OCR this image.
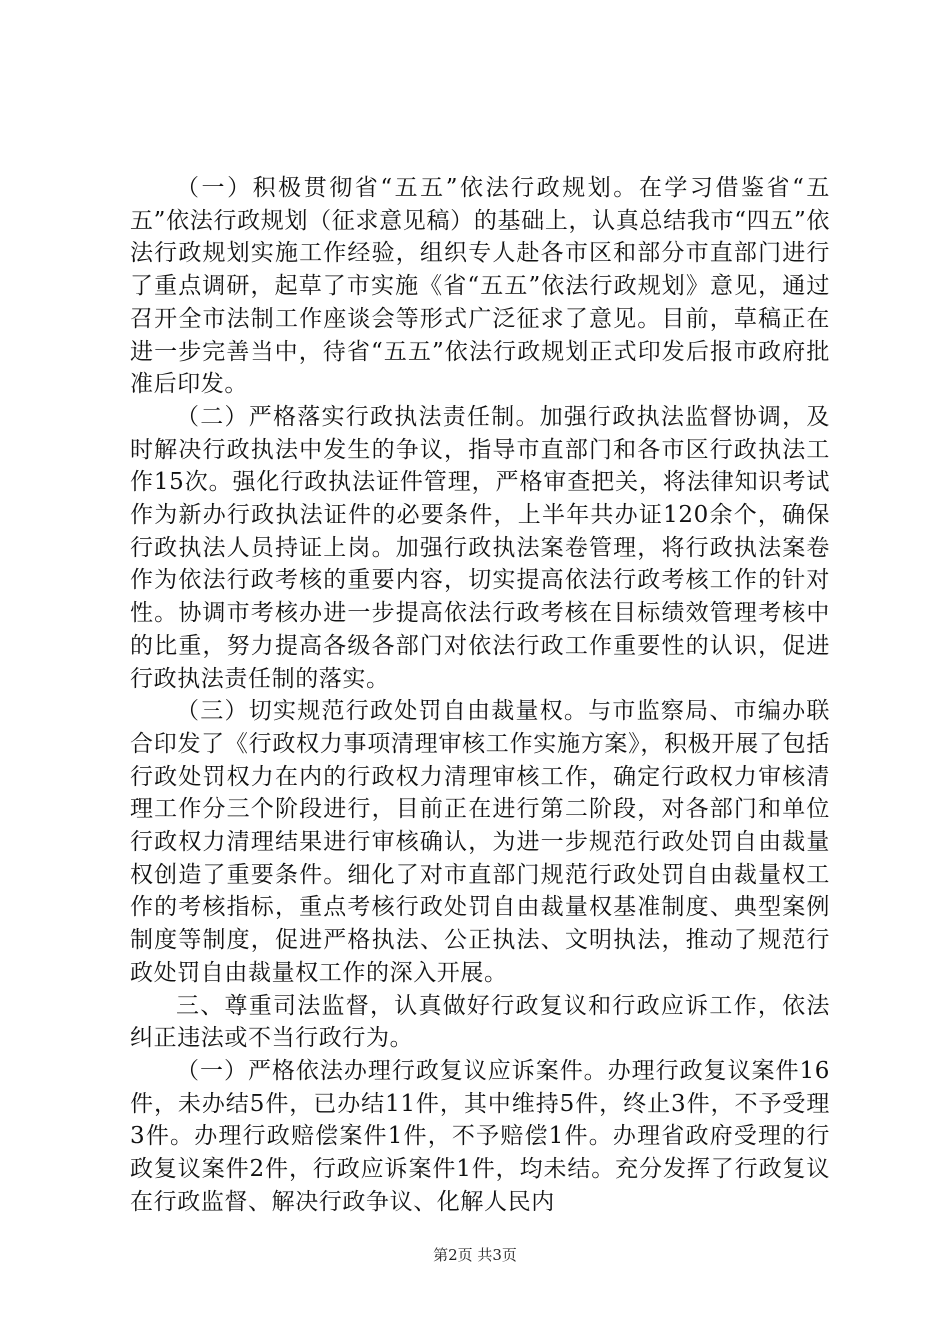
（一）积极贯彻省“五五”依法行政规划。在学习借鉴省“五五”依法行政规划（征求意见稿）的基础上，认真总结我市“四五”依法行政规划实施工作经验，组织专人赴各市区和部分市直部门进行了重点调研，起草了市实施《省“五五”依法行政规划》意见，通过召开全市法制工作座谈会等形式广泛征求了意见。目前，草稿正在进一步完善当中，待省“五五”依法行政规划正式印发后报市政府批准后印发。

（二）严格落实行政执法责任制。加强行政执法监督协调，及时解决行政执法中发生的争议，指导市直部门和各市区行政执法工作15次。强化行政执法证件管理，严格审查把关，将法律知识考试作为新办行政执法证件的必要条件，上半年共办证120余个，确保行政执法人员持证上岗。加强行政执法案卷管理，将行政执法案卷作为依法行政考核的重要内容，切实提高依法行政考核工作的针对性。协调市考核办进一步提高依法行政考核在目标绩效管理考核中的比重，努力提高各级各部门对依法行政工作重要性的认识，促进行政执法责任制的落实。

（三）切实规范行政处罚自由裁量权。与市监察局、市编办联合印发了《行政权力事项清理审核工作实施方案》，积极开展了包括行政处罚权力在内的行政权力清理审核工作，确定行政权力审核清理工作分三个阶段进行，目前正在进行第二阶段，对各部门和单位行政权力清理结果进行审核确认，为进一步规范行政处罚自由裁量权创造了重要条件。细化了对市直部门规范行政处罚自由裁量权工作的考核指标，重点考核行政处罚自由裁量权基准制度、典型案例制度等制度，促进严格执法、公正执法、文明执法，推动了规范行政处罚自由裁量权工作的深入开展。

三、尊重司法监督，认真做好行政复议和行政应诉工作，依法纠正违法或不当行政行为。

（一）严格依法办理行政复议应诉案件。办理行政复议案件16件，未办结5件，已办结11件，其中维持5件，终止3件，不予受理3件。办理行政赔偿案件1件，不予赔偿1件。办理省政府受理的行政复议案件2件，行政应诉案件1件，均未结。充分发挥了行政复议在行政监督、解决行政争议、化解人民内

第2页 共3页
